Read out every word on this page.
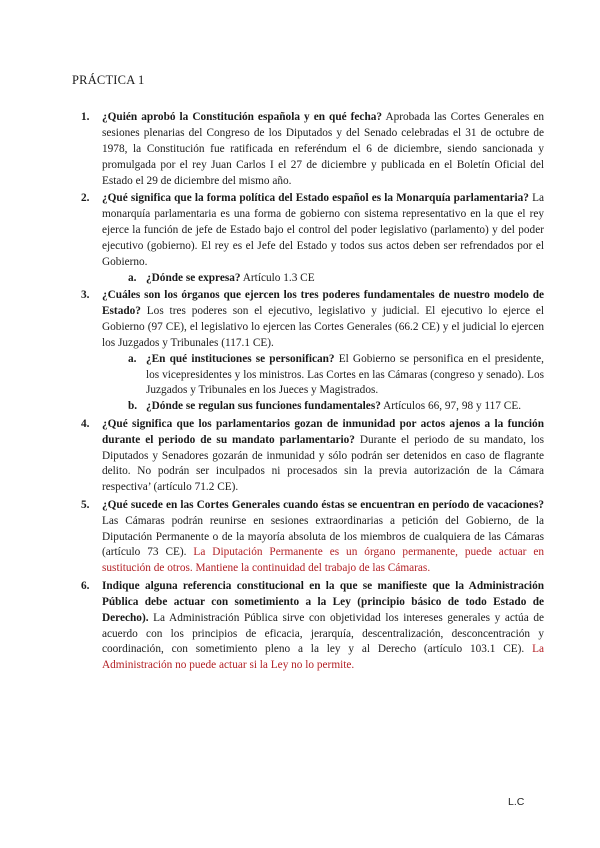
PRÁCTICA 1
1. ¿Quién aprobó la Constitución española y en qué fecha? Aprobada las Cortes Generales en sesiones plenarias del Congreso de los Diputados y del Senado celebradas el 31 de octubre de 1978, la Constitución fue ratificada en referéndum el 6 de diciembre, siendo sancionada y promulgada por el rey Juan Carlos I el 27 de diciembre y publicada en el Boletín Oficial del Estado el 29 de diciembre del mismo año.
2. ¿Qué significa que la forma política del Estado español es la Monarquía parlamentaria? La monarquía parlamentaria es una forma de gobierno con sistema representativo en la que el rey ejerce la función de jefe de Estado bajo el control del poder legislativo (parlamento) y del poder ejecutivo (gobierno). El rey es el Jefe del Estado y todos sus actos deben ser refrendados por el Gobierno.
a. ¿Dónde se expresa? Artículo 1.3 CE
3. ¿Cuáles son los órganos que ejercen los tres poderes fundamentales de nuestro modelo de Estado? Los tres poderes son el ejecutivo, legislativo y judicial. El ejecutivo lo ejerce el Gobierno (97 CE), el legislativo lo ejercen las Cortes Generales (66.2 CE) y el judicial lo ejercen los Juzgados y Tribunales (117.1 CE).
a. ¿En qué instituciones se personifican? El Gobierno se personifica en el presidente, los vicepresidentes y los ministros. Las Cortes en las Cámaras (congreso y senado). Los Juzgados y Tribunales en los Jueces y Magistrados.
b. ¿Dónde se regulan sus funciones fundamentales? Artículos 66, 97, 98 y 117 CE.
4. ¿Qué significa que los parlamentarios gozan de inmunidad por actos ajenos a la función durante el periodo de su mandato parlamentario? Durante el periodo de su mandato, los Diputados y Senadores gozarán de inmunidad y sólo podrán ser detenidos en caso de flagrante delito. No podrán ser inculpados ni procesados sin la previa autorización de la Cámara respectiva’ (artículo 71.2 CE).
5. ¿Qué sucede en las Cortes Generales cuando éstas se encuentran en período de vacaciones? Las Cámaras podrán reunirse en sesiones extraordinarias a petición del Gobierno, de la Diputación Permanente o de la mayoría absoluta de los miembros de cualquiera de las Cámaras (artículo 73 CE). La Diputación Permanente es un órgano permanente, puede actuar en sustitución de otros. Mantiene la continuidad del trabajo de las Cámaras.
6. Indique alguna referencia constitucional en la que se manifieste que la Administración Pública debe actuar con sometimiento a la Ley (principio básico de todo Estado de Derecho). La Administración Pública sirve con objetividad los intereses generales y actúa de acuerdo con los principios de eficacia, jerarquía, descentralización, desconcentración y coordinación, con sometimiento pleno a la ley y al Derecho (artículo 103.1 CE). La Administración no puede actuar si la Ley no lo permite.
L.C
